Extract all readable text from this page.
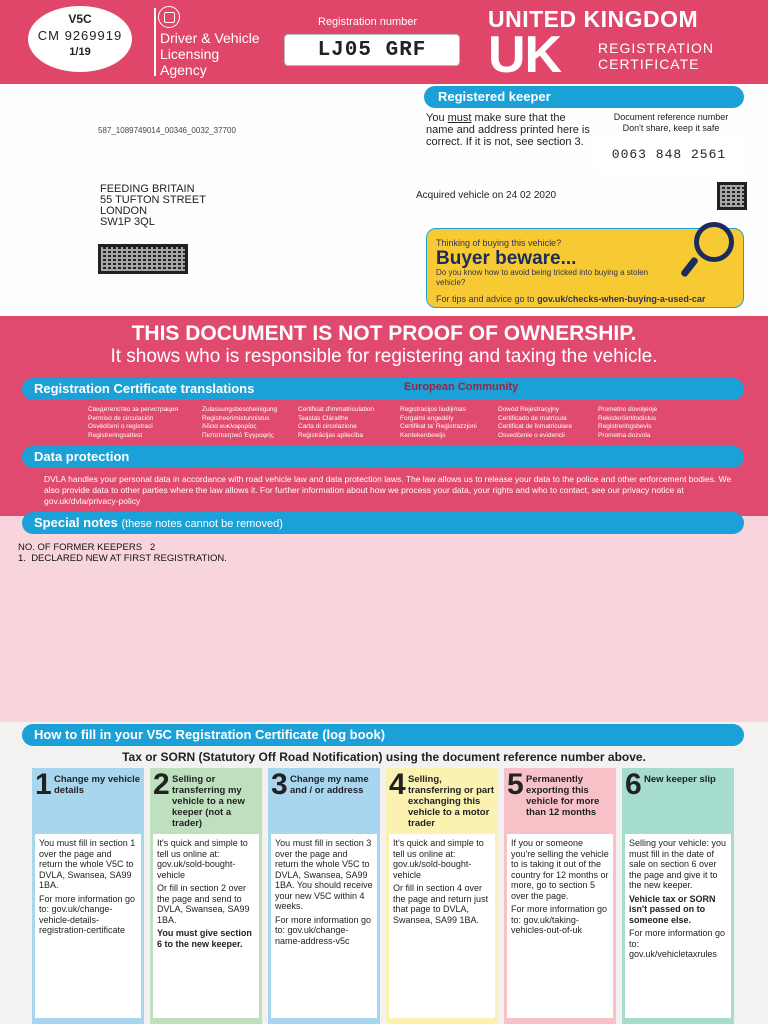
V5C
CM 9269919
1/19
Driver & Vehicle
Licensing
Agency
Registration number
LJ05 GRF
UNITED KINGDOM
UK	REGISTRATION
CERTIFICATE
587_1089749014_00346_0032_37700
FEEDING BRITAIN
55 TUFTON STREET
LONDON
SW1P 3QL
Registered keeper
You must make sure that the name and address printed here is correct. If it is not, see section 3.
Document reference number
Don't share, keep it safe
0063 848 2561
Acquired vehicle on 24 02 2020
Thinking of buying this vehicle?
Buyer beware...
Do you know how to avoid being tricked into buying a stolen vehicle?
For tips and advice go to gov.uk/checks-when-buying-a-used-car
THIS DOCUMENT IS NOT PROOF OF OWNERSHIP.
It shows who is responsible for registering and taxing the vehicle.
Registration Certificate translations	European Community
Свидетелство за регистрация
Permiso de circulación
Osvědčení o registraci
Registreringsattest
Zulassungsbescheinigung
Registreerimistunnistus
Άδεια κυκλοφορίας
Πιστοποιητικό Έγγραφής
Certificat d'immatriculation
Teastas Cláraithe
Carta di circolazione
Reģistrācijas apliecība
Registracijos liudijimas
Forgalmi engedély
Certifikat ta' Reġistrazzjoni
Kentekenbewijs
Dowód Rejestracyjny
Certificado de matrícula
Certificat de înmatriculare
Osvedčenie o evidencii
Prometno dovoljenje
Rekisteröintitodistus
Registreringsbevis
Prometna dozvola
Data protection
DVLA handles your personal data in accordance with road vehicle law and data protection laws. The law allows us to release your data to the police and other enforcement bodies. We also provide data to other parties where the law allows it. For further information about how we process your data, your rights and who to contact, see our privacy notice at gov.uk/dvla/privacy-policy
Special notes (these notes cannot be removed)
NO. OF FORMER KEEPERS   2
1.  DECLARED NEW AT FIRST REGISTRATION.
How to fill in your V5C Registration Certificate (log book)
Tax or SORN (Statutory Off Road Notification) using the document reference number above.
1 Change my vehicle details

You must fill in section 1 over the page and return the whole V5C to DVLA, Swansea, SA99 1BA.

For more information go to: gov.uk/change-vehicle-details-registration-certificate

2 Selling or transferring my vehicle to a new keeper (not a trader)

It's quick and simple to tell us online at: gov.uk/sold-bought-vehicle

Or fill in section 2 over the page and send to DVLA, Swansea, SA99 1BA.

You must give section 6 to the new keeper.

3 Change my name and / or address

You must fill in section 3 over the page and return the whole V5C to DVLA, Swansea, SA99 1BA. You should receive your new V5C within 4 weeks.

For more information go to: gov.uk/change-name-address-v5c

4 Selling, transferring or part exchanging this vehicle to a motor trader

It's quick and simple to tell us online at: gov.uk/sold-bought-vehicle

Or fill in section 4 over the page and return just that page to DVLA, Swansea, SA99 1BA.

5 Permanently exporting this vehicle for more than 12 months

If you or someone you're selling the vehicle to is taking it out of the country for 12 months or more, go to section 5 over the page.

For more information go to: gov.uk/taking-vehicles-out-of-uk

6 New keeper slip

Selling your vehicle: you must fill in the date of sale on section 6 over the page and give it to the new keeper.

Vehicle tax or SORN isn't passed on to someone else.

For more information go to: gov.uk/vehicletaxrules
